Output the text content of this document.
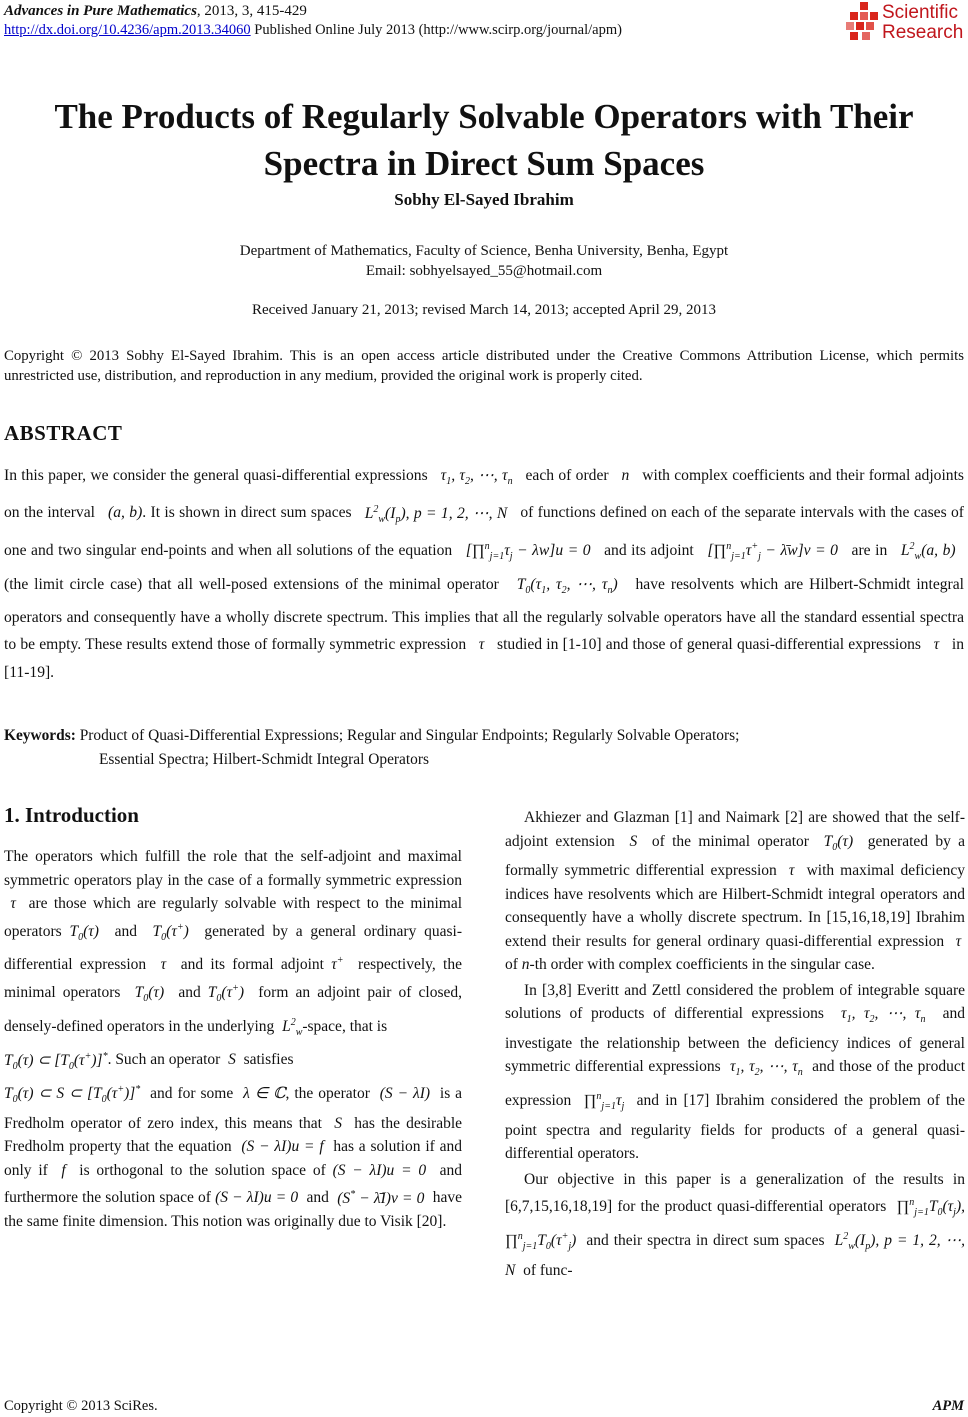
Advances in Pure Mathematics, 2013, 3, 415-429
http://dx.doi.org/10.4236/apm.2013.34060 Published Online July 2013 (http://www.scirp.org/journal/apm)
Scientific
Research
The Products of Regularly Solvable Operators with Their
Spectra in Direct Sum Spaces
Sobhy El-Sayed Ibrahim
Department of Mathematics, Faculty of Science, Benha University, Benha, Egypt
Email: sobhyelsayed_55@hotmail.com
Received January 21, 2013; revised March 14, 2013; accepted April 29, 2013
Copyright © 2013 Sobhy El-Sayed Ibrahim. This is an open access article distributed under the Creative Commons Attribution License, which permits unrestricted use, distribution, and reproduction in any medium, provided the original work is properly cited.
ABSTRACT
In this paper, we consider the general quasi-differential expressions $\tau_1$, $\tau_2$, ⋯, $\tau_n$ each of order n with complex coefficients and their formal adjoints on the interval (a, b). It is shown in direct sum spaces $L^2_w(I_p)$, p = 1, 2, ⋯, N of functions defined on each of the separate intervals with the cases of one and two singular end-points and when all solutions of the equation $[\prod^n_{j=1}\tau_j - \lambda w]u = 0$ and its adjoint [$\prod^n_{j=1}\tau^+_j$ − λ̄w]v = 0 are in $L^2_w(a$, b)   (the limit circle case) that all well-posed extensions of the minimal operator $T_0(\tau_1$, $\tau_2$, ⋯, $\tau_n$) have resolvents which are Hilbert-Schmidt integral operators and consequently have a wholly discrete spectrum. This implies that all the regularly solvable operators have all the standard essential spectra to be empty. These results extend those of formally symmetric expression τ studied in [1-10] and those of general quasi-differential expressions τ in [11-19].
Keywords: Product of Quasi-Differential Expressions; Regular and Singular Endpoints; Regularly Solvable Operators;
Essential Spectra; Hilbert-Schmidt Integral Operators
1. Introduction

The operators which fulfill the role that the self-adjoint and maximal symmetric operators play in the case of a formally symmetric expression  τ are those which are regularly solvable with respect to the minimal operators $T_0(\tau)$ and $T_0(\tau^+)$ generated by a general ordinary quasi-differential expression τ and its formal adjoint τ+ respectively, the minimal operators $T_0(\tau)$ and $T_0(\tau^+)$ form an adjoint pair of closed, densely-defined operators in the underlying $L^2_w$-space, that is
$T_0(\tau)$ ⊂ $[T_0(\tau^+)]^*$. Such an operator S satisfies
$T_0(\tau)$ ⊂ S ⊂ $[T_0(\tau^+)]^*$ and for some λ ∈ ℂ, the operator (S − λI) is a Fredholm operator of zero index, this means that S has the desirable Fredholm property that the equation (S − λI)u = f has a solution if and only if f is orthogonal to the solution space of (S − λI)u = 0 and furthermore the solution space of (S − λI)u = 0 and (S* − λ̄I)v = 0 have the same finite dimension. This notion was originally due to Visik [20].

Akhiezer and Glazman [1] and Naimark [2] are showed that the self-adjoint extension S of the minimal operator $T_0(\tau)$ generated by a formally symmetric differential expression τ with maximal deficiency indices have resolvents which are Hilbert-Schmidt integral operators and consequently have a wholly discrete spectrum. In [15,16,18,19] Ibrahim extend their results for general ordinary quasi-differential expression τ  of n-th order with complex coefficients in the singular case.

In [3,8] Everitt and Zettl considered the problem of integrable square solutions of products of differential expressions $\tau_1$, $\tau_2$, ⋯, $\tau_n$ and investigate the relationship between the deficiency indices of general symmetric differential expressions $\tau_1$, $\tau_2$, ⋯, $\tau_n$ and those of the product expression $\prod^n_{j=1}\tau_j$ and in [17] Ibrahim considered the problem of the point spectra and regularity fields for products of a general quasi-differential operators.

Our objective in this paper is a generalization of the results in [6,7,15,16,18,19] for the product quasi-differential operators $\prod^n_{j=1}T_0(\tau_j)$, $\prod^n_{j=1}T_0(\tau^+_j)$ and their spectra in direct sum spaces $L^2_w(I_p)$, p = 1, 2, ⋯, N of func-

Copyright © 2013 SciRes.	APM
